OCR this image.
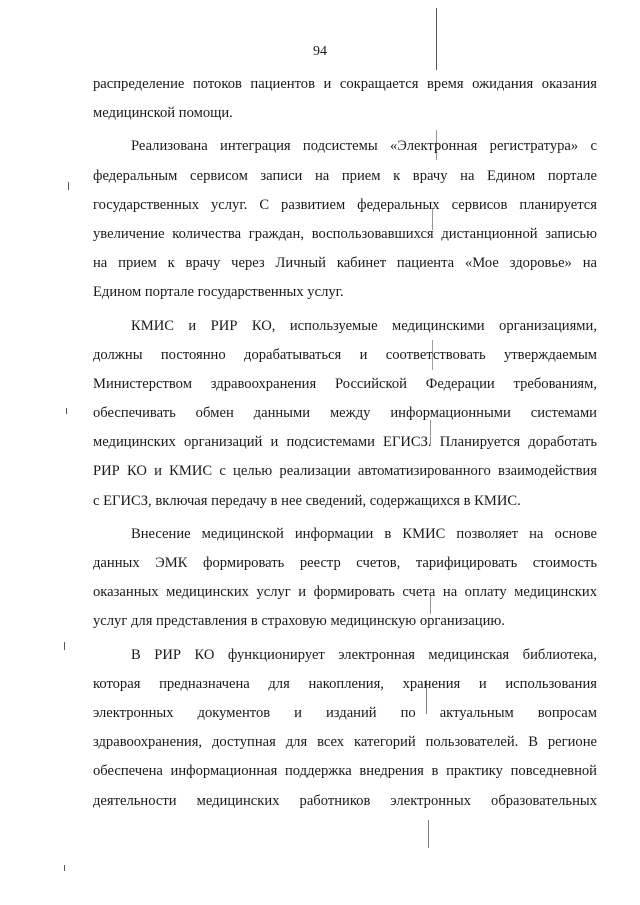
94
распределение потоков пациентов и сокращается время ожидания оказания
медицинской помощи.
Реализована интеграция подсистемы «Электронная регистратура» с
федеральным сервисом записи на прием к врачу на Едином портале
государственных услуг. С развитием федеральных сервисов планируется
увеличение количества граждан, воспользовавшихся дистанционной записью
на прием к врачу через Личный кабинет пациента «Мое здоровье» на
Едином портале государственных услуг.
КМИС и РИР КО, используемые медицинскими организациями,
должны постоянно дорабатываться и соответствовать утверждаемым
Министерством здравоохранения Российской Федерации требованиям,
обеспечивать обмен данными между информационными системами
медицинских организаций и подсистемами ЕГИСЗ. Планируется доработать
РИР КО и КМИС с целью реализации автоматизированного взаимодействия
с ЕГИСЗ, включая передачу в нее сведений, содержащихся в КМИС.
Внесение медицинской информации в КМИС позволяет на основе
данных ЭМК формировать реестр счетов, тарифицировать стоимость
оказанных медицинских услуг и формировать счета на оплату медицинских
услуг для представления в страховую медицинскую организацию.
В РИР КО функционирует электронная медицинская библиотека,
которая предназначена для накопления, хранения и использования
электронных документов и изданий по актуальным вопросам
здравоохранения, доступная для всех категорий пользователей. В регионе
обеспечена информационная поддержка внедрения в практику повседневной
деятельности медицинских работников электронных образовательных
